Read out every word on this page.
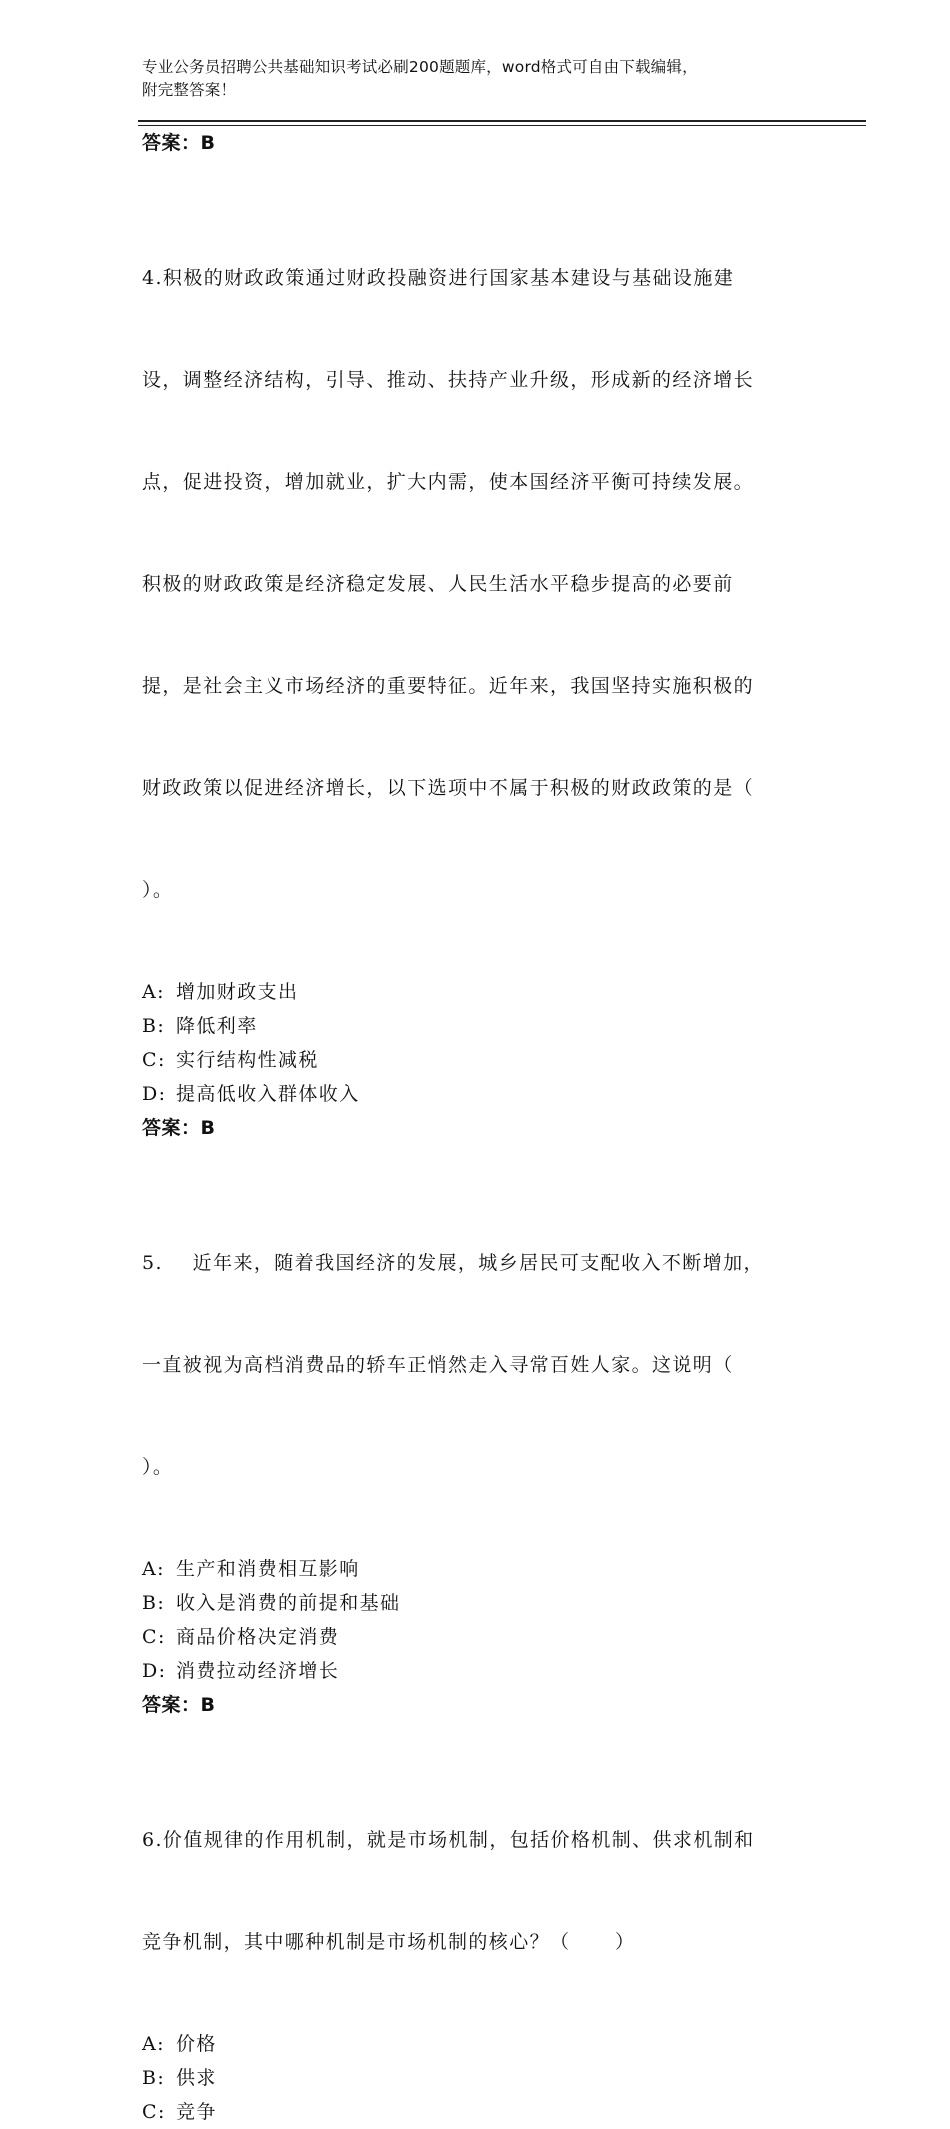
专业公务员招聘公共基础知识考试必刷200题题库，word格式可自由下载编辑，
附完整答案！
答案：B

4.积极的财政政策通过财政投融资进行国家基本建设与基础设施建

设，调整经济结构，引导、推动、扶持产业升级，形成新的经济增长

点，促进投资，增加就业，扩大内需，使本国经济平衡可持续发展。

积极的财政政策是经济稳定发展、人民生活水平稳步提高的必要前

提，是社会主义市场经济的重要特征。近年来，我国坚持实施积极的

财政政策以促进经济增长，以下选项中不属于积极的财政政策的是（

）。

A: 增加财政支出
B: 降低利率
C: 实行结构性减税
D: 提高低收入群体收入
答案：B

5.    近年来，随着我国经济的发展，城乡居民可支配收入不断增加，

一直被视为高档消费品的轿车正悄然走入寻常百姓人家。这说明（

）。

A: 生产和消费相互影响
B: 收入是消费的前提和基础
C: 商品价格决定消费
D: 消费拉动经济增长
答案：B

6.价值规律的作用机制，就是市场机制，包括价格机制、供求机制和

竞争机制，其中哪种机制是市场机制的核心？（      ）

A: 价格
B: 供求
C: 竞争
